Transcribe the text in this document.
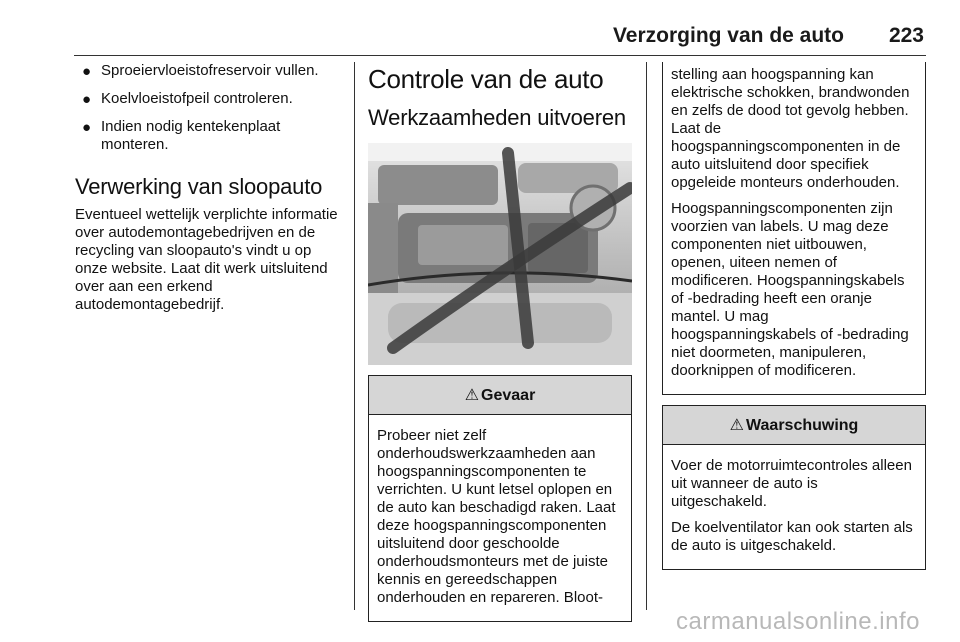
Verzorging van de auto 223
● Sproeiervloeistofreservoir vullen.
● Koelvloeistofpeil controleren.
● Indien nodig kentekenplaat monteren.
Verwerking van sloopauto

Eventueel wettelijk verplichte informatie over autodemontagebedrijven en de recycling van sloopauto's vindt u op onze website. Laat dit werk uitsluitend over aan een erkend autodemontagebedrijf.

Controle van de auto
Werkzaamheden uitvoeren
⚠ Gevaar

Probeer niet zelf onderhoudswerkzaamheden aan hoogspanningscomponenten te verrichten. U kunt letsel oplopen en de auto kan beschadigd raken. Laat deze hoogspanningscomponenten uitsluitend door geschoolde onderhoudsmonteurs met de juiste kennis en gereedschappen onderhouden en repareren. Bloot-

stelling aan hoogspanning kan elektrische schokken, brandwonden en zelfs de dood tot gevolg hebben. Laat de hoogspanningscomponenten in de auto uitsluitend door specifiek opgeleide monteurs onderhouden.

Hoogspanningscomponenten zijn voorzien van labels. U mag deze componenten niet uitbouwen, openen, uiteen nemen of modificeren. Hoogspanningskabels of -bedrading heeft een oranje mantel. U mag hoogspanningskabels of -bedrading niet doormeten, manipuleren, doorknippen of modificeren.

⚠ Waarschuwing

Voer de motorruimtecontroles alleen uit wanneer de auto is uitgeschakeld.

De koelventilator kan ook starten als de auto is uitgeschakeld.

carmanualsonline.info
